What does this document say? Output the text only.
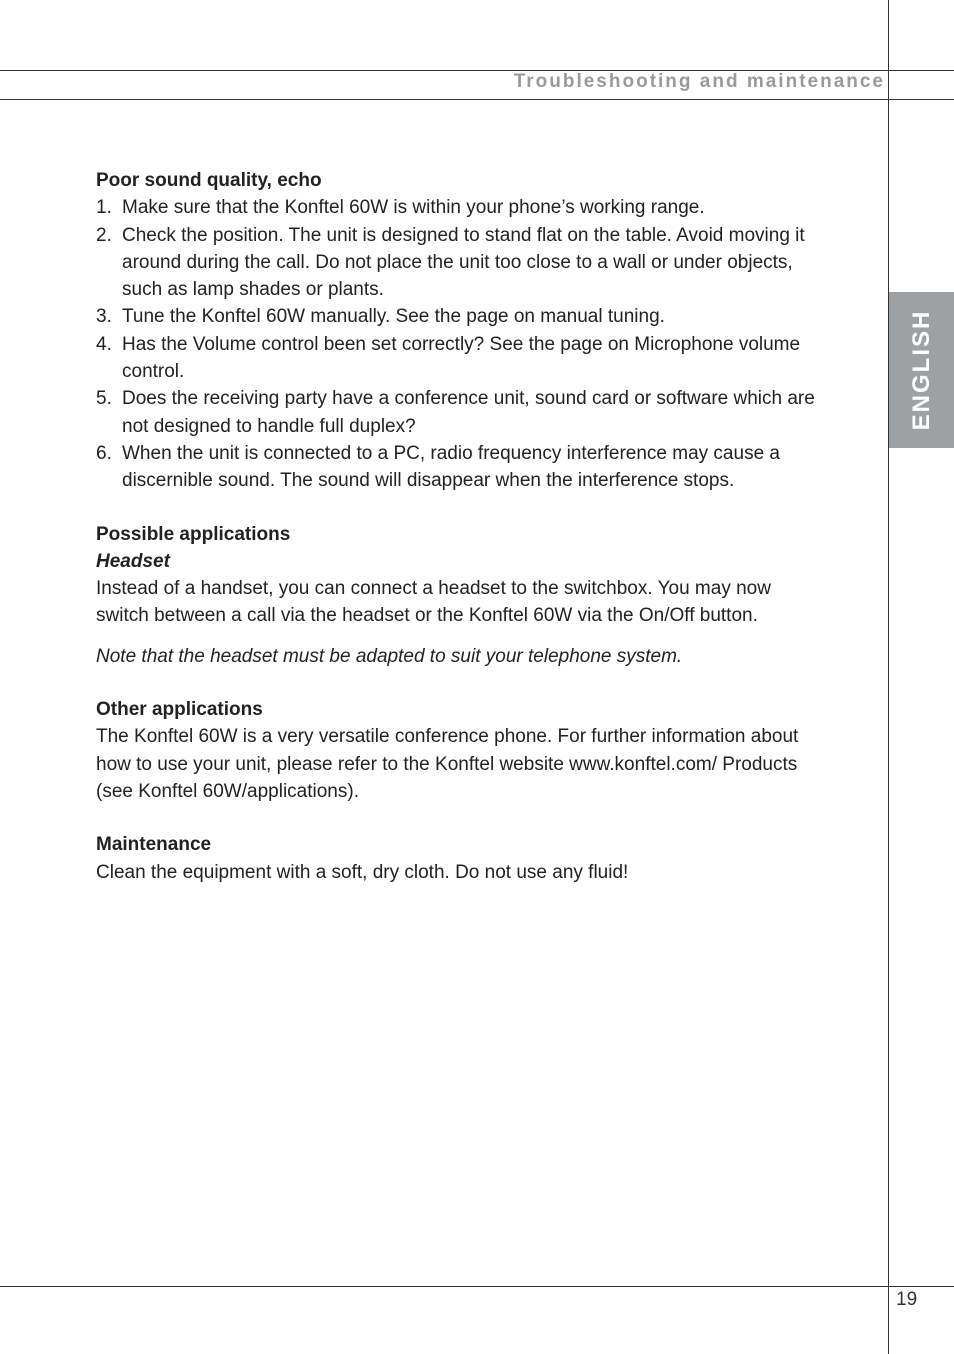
Troubleshooting and maintenance
ENGLISH
Poor sound quality, echo
1. Make sure that the Konftel 60W is within your phone’s working range.
2. Check the position. The unit is designed to stand flat on the table. Avoid moving it around during the call. Do not place the unit too close to a wall or under objects, such as lamp shades or plants.
3. Tune the Konftel 60W manually. See the page on manual tuning.
4. Has the Volume control been set correctly? See the page on Microphone volume control.
5. Does the receiving party have a conference unit, sound card or software which are not designed to handle full duplex?
6. When the unit is connected to a PC, radio frequency interference may cause a discernible sound. The sound will disappear when the interference stops.
Possible applications
Headset

Instead of a handset, you can connect a headset to the switchbox. You may now switch between a call via the headset or the Konftel 60W via the On/Off button.

Note that the headset must be adapted to suit your telephone system.

Other applications

The Konftel 60W is a very versatile conference phone. For further information about how to use your unit, please refer to the Konftel website www.konftel.com/ Products (see Konftel 60W/applications).

Maintenance

Clean the equipment with a soft, dry cloth. Do not use any fluid!

19
